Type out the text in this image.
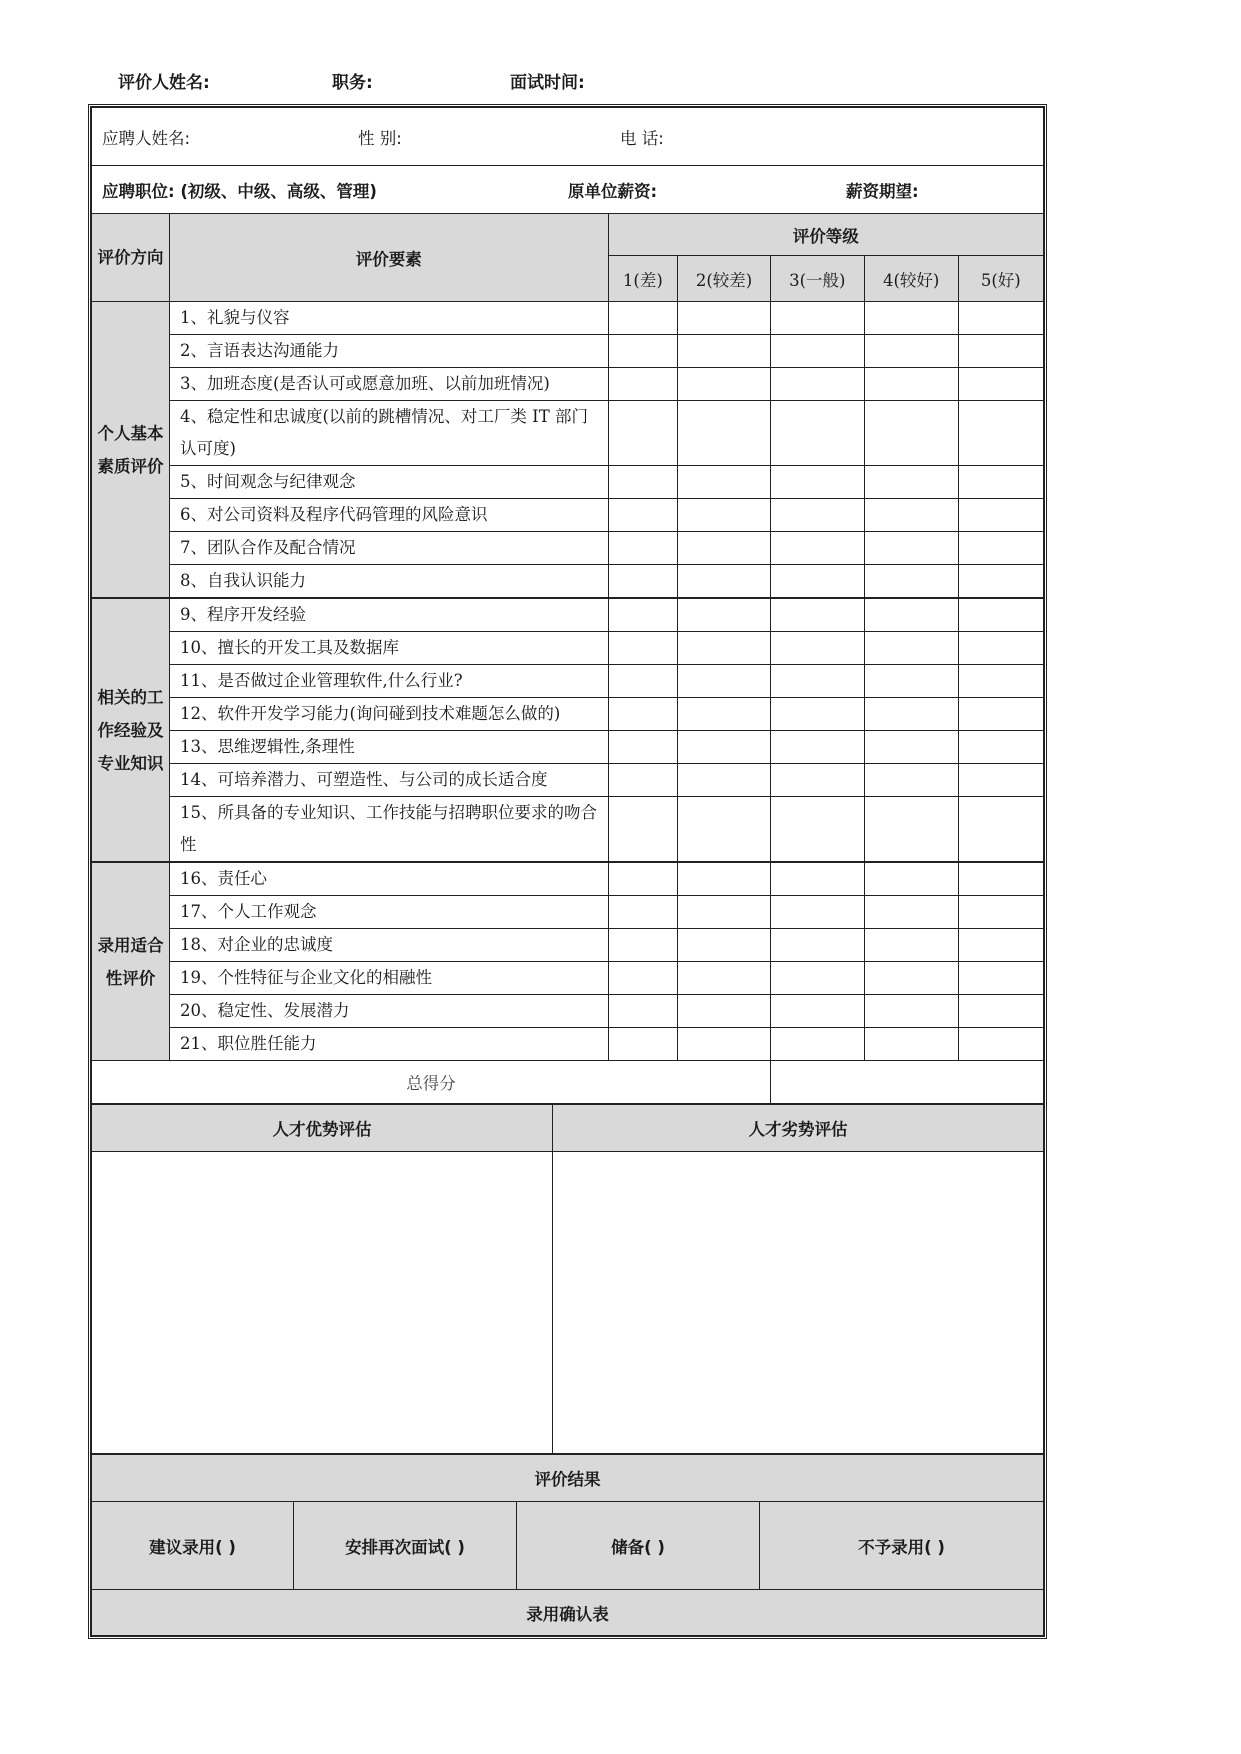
评价人姓名:	职务:	面试时间:
应聘人姓名: 性 别: 电 话:						

应聘职位: (初级、中级、高级、管理) 原单位薪资: 薪资期望:						

评价方向	评价要素	评价等级				
		1(差)	2(较差)	3(一般)	4(较好)	5(好)
个人基本素质评价	1、礼貌与仪容					
	2、言语表达沟通能力					
	3、加班态度(是否认可或愿意加班、以前加班情况)					
	4、稳定性和忠诚度(以前的跳槽情况、对工厂类 IT 部门认可度)					
	5、时间观念与纪律观念					
	6、对公司资料及程序代码管理的风险意识					
	7、团队合作及配合情况					
	8、自我认识能力					
相关的工作经验及专业知识	9、程序开发经验					
	10、擅长的开发工具及数据库					
	11、是否做过企业管理软件,什么行业?					
	12、软件开发学习能力(询问碰到技术难题怎么做的)					
	13、思维逻辑性,条理性					
	14、可培养潜力、可塑造性、与公司的成长适合度					
	15、所具备的专业知识、工作技能与招聘职位要求的吻合性					
录用适合性评价	16、责任心					
	17、个人工作观念					
	18、对企业的忠诚度					
	19、个性特征与企业文化的相融性					
	20、稳定性、发展潜力					
	21、职位胜任能力					
总得分						
人才优势评估	人才劣势评估

评价结果
建议录用( )	安排再次面试( )	储备( )	不予录用( )
录用确认表
